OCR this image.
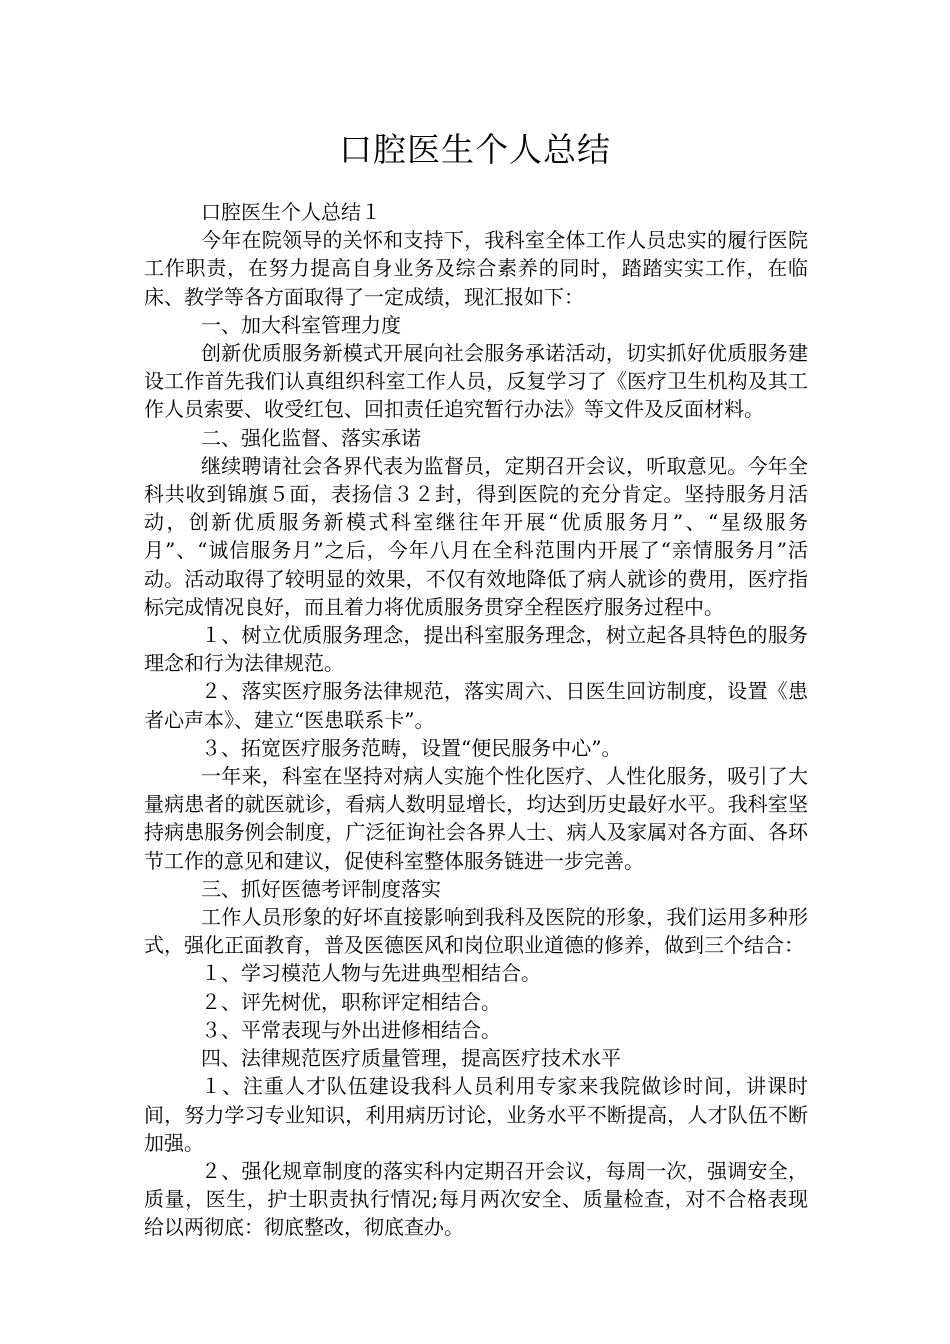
口腔医生个人总结

口腔医生个人总结１

今年在院领导的关怀和支持下，我科室全体工作人员忠实的履行医院工作职责，在努力提高自身业务及综合素养的同时，踏踏实实工作，在临床、教学等各方面取得了一定成绩，现汇报如下：

一、加大科室管理力度

创新优质服务新模式开展向社会服务承诺活动，切实抓好优质服务建设工作首先我们认真组织科室工作人员，反复学习了《医疗卫生机构及其工作人员索要、收受红包、回扣责任追究暂行办法》等文件及反面材料。

二、强化监督、落实承诺

继续聘请社会各界代表为监督员，定期召开会议，听取意见。今年全科共收到锦旗５面，表扬信３２封，得到医院的充分肯定。坚持服务月活动，创新优质服务新模式科室继往年开展“优质服务月”、“星级服务月”、“诚信服务月”之后，今年八月在全科范围内开展了“亲情服务月”活动。活动取得了较明显的效果，不仅有效地降低了病人就诊的费用，医疗指标完成情况良好，而且着力将优质服务贯穿全程医疗服务过程中。

１、树立优质服务理念，提出科室服务理念，树立起各具特色的服务理念和行为法律规范。

２、落实医疗服务法律规范，落实周六、日医生回访制度，设置《患者心声本》、建立“医患联系卡”。

３、拓宽医疗服务范畴，设置“便民服务中心”。

一年来，科室在坚持对病人实施个性化医疗、人性化服务，吸引了大量病患者的就医就诊，看病人数明显增长，均达到历史最好水平。我科室坚持病患服务例会制度，广泛征询社会各界人士、病人及家属对各方面、各环节工作的意见和建议，促使科室整体服务链进一步完善。

三、抓好医德考评制度落实

工作人员形象的好坏直接影响到我科及医院的形象，我们运用多种形式，强化正面教育，普及医德医风和岗位职业道德的修养，做到三个结合：

１、学习模范人物与先进典型相结合。

２、评先树优，职称评定相结合。

３、平常表现与外出进修相结合。

四、法律规范医疗质量管理，提高医疗技术水平

１、注重人才队伍建设我科人员利用专家来我院做诊时间，讲课时间，努力学习专业知识，利用病历讨论，业务水平不断提高，人才队伍不断加强。

２、强化规章制度的落实科内定期召开会议，每周一次，强调安全，质量，医生，护士职责执行情况;每月两次安全、质量检查，对不合格表现给以两彻底：彻底整改，彻底查办。
